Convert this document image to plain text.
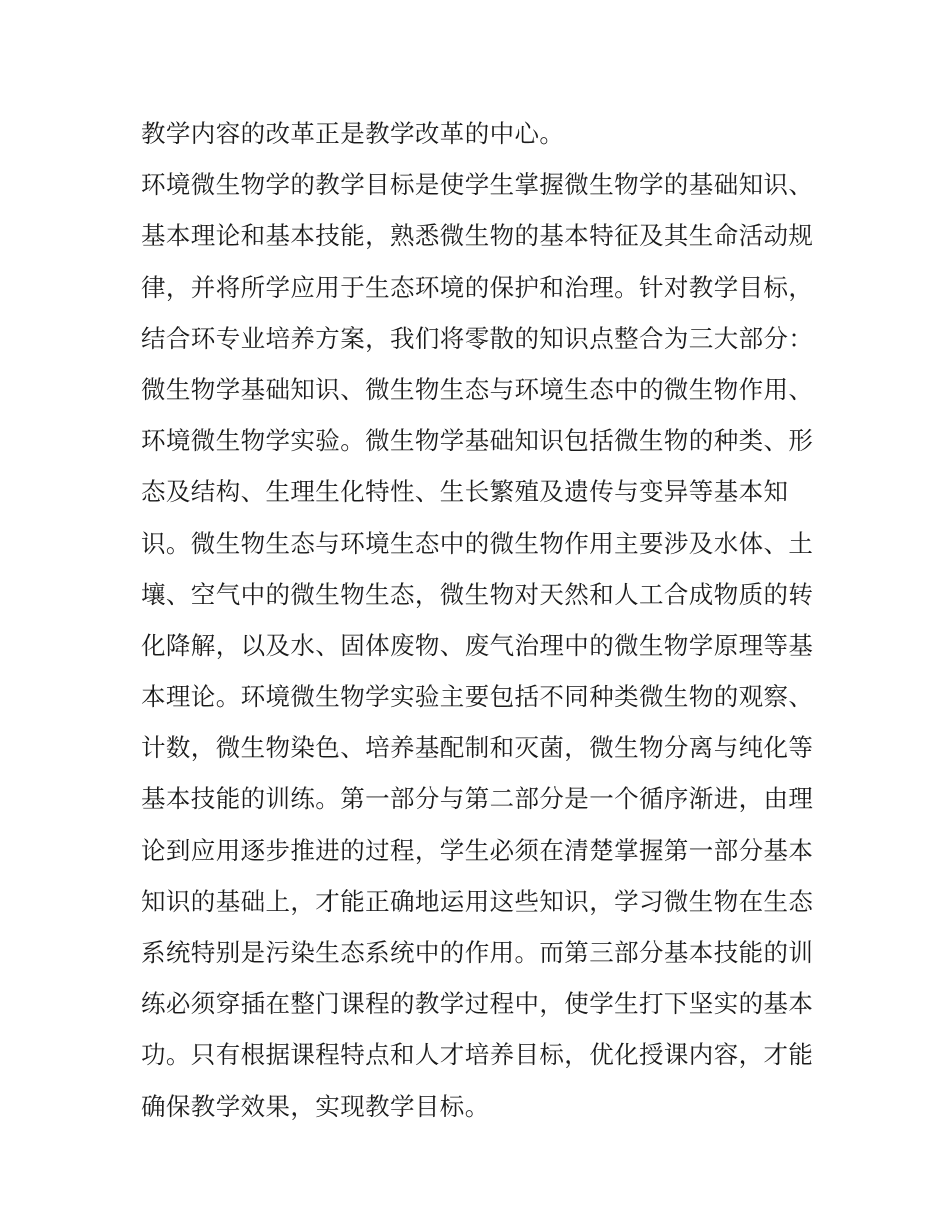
教学内容的改革正是教学改革的中心。
环境微生物学的教学目标是使学生掌握微生物学的基础知识、
基本理论和基本技能，熟悉微生物的基本特征及其生命活动规
律，并将所学应用于生态环境的保护和治理。针对教学目标，
结合环专业培养方案，我们将零散的知识点整合为三大部分：
微生物学基础知识、微生物生态与环境生态中的微生物作用、
环境微生物学实验。微生物学基础知识包括微生物的种类、形
态及结构、生理生化特性、生长繁殖及遗传与变异等基本知
识。微生物生态与环境生态中的微生物作用主要涉及水体、土
壤、空气中的微生物生态，微生物对天然和人工合成物质的转
化降解，以及水、固体废物、废气治理中的微生物学原理等基
本理论。环境微生物学实验主要包括不同种类微生物的观察、
计数，微生物染色、培养基配制和灭菌，微生物分离与纯化等
基本技能的训练。第一部分与第二部分是一个循序渐进，由理
论到应用逐步推进的过程，学生必须在清楚掌握第一部分基本
知识的基础上，才能正确地运用这些知识，学习微生物在生态
系统特别是污染生态系统中的作用。而第三部分基本技能的训
练必须穿插在整门课程的教学过程中，使学生打下坚实的基本
功。只有根据课程特点和人才培养目标，优化授课内容，才能
确保教学效果，实现教学目标。
